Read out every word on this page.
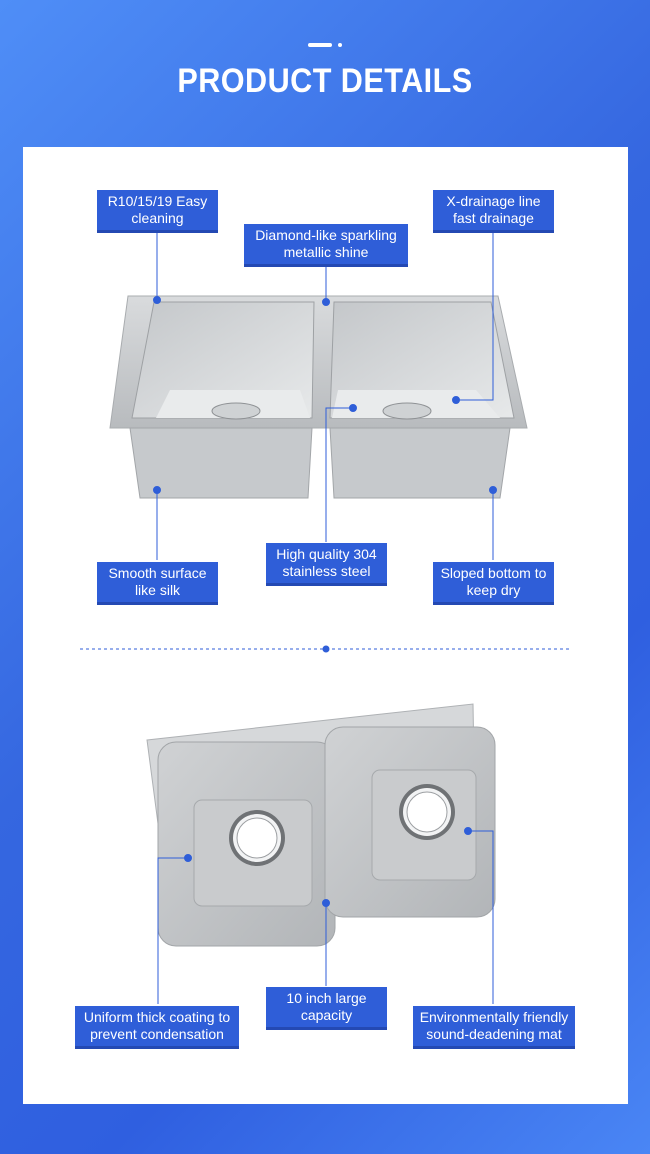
PRODUCT DETAILS
R10/15/19 Easy cleaning
Diamond-like sparkling metallic shine
X-drainage line fast drainage
Smooth surface like silk
High quality 304 stainless steel	Sloped bottom to keep dry
Uniform thick coating to prevent condensation
10 inch large capacity	Environmentally friendly sound-deadening mat
